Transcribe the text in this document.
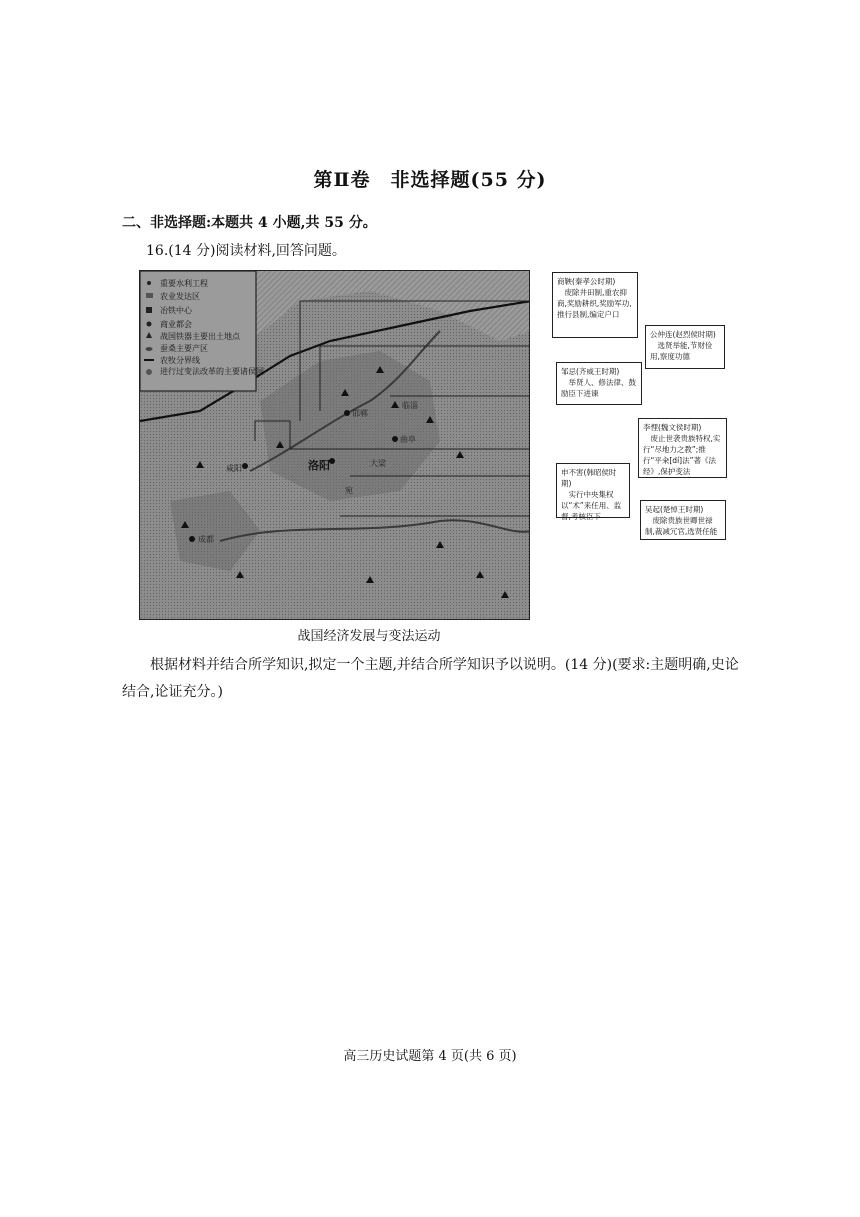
第Ⅱ卷　非选择题(55 分)
二、非选择题:本题共 4 小题,共 55 分。
16.(14 分)阅读材料,回答问题。
重要水利工程
农业发达区
冶铁中心
商业都会
战国铁器主要出土地点
蚕桑主要产区
农牧分界线
进行过变法改革的主要诸侯国
洛阳	大梁
曲阜
邯郸
临淄
咸阳
成都
宛
商鞅(秦孝公时期)
废除井田制,重农抑商,奖励耕织,奖励军功,推行县制,编定户口
公仲连(赵烈侯时期)
选贤举能,节财俭用,察度功德
邹忌(齐威王时期)
举贤人、修法律、鼓励臣下进谏
李悝(魏文侯时期)
废止世袭贵族特权,实行“尽地力之教”;推行“平籴[dí]法”著《法经》,保护变法
申不害(韩昭侯时期)
实行中央集权以“术”来任用、监督,考核臣下
吴起(楚悼王时期)
废除贵族世卿世禄制,裁减冗官,选贤任能
战国经济发展与变法运动
根据材料并结合所学知识,拟定一个主题,并结合所学知识予以说明。(14 分)(要求:主题明确,史论结合,论证充分。)
高三历史试题第 4 页(共 6 页)
